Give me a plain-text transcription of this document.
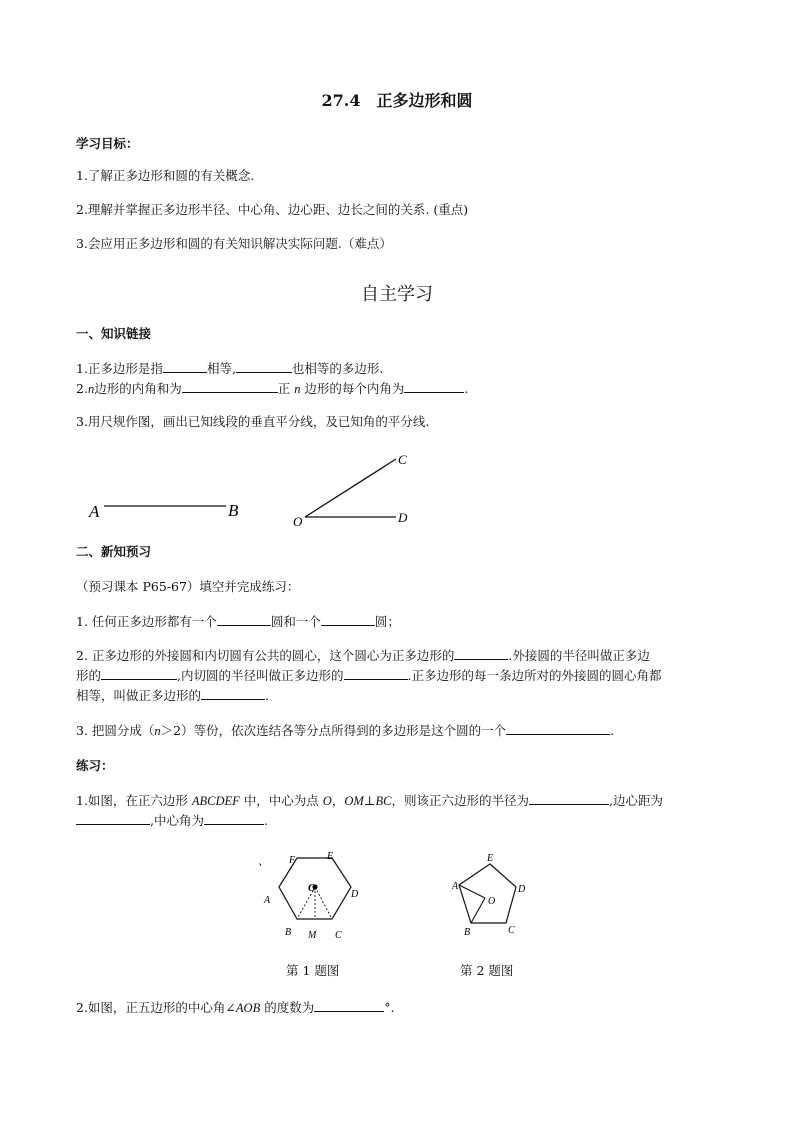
27.4　正多边形和圆
学习目标：
1.了解正多边形和圆的有关概念.
2.理解并掌握正多边形半径、中心角、边心距、边长之间的关系. (重点)
3.会应用正多边形和圆的有关知识解决实际问题.（难点）
自主学习
一、知识链接
1.正多边形是指	相等,	也相等的多边形.
2.n边形的内角和为	正 n 边形的每个内角为	.
3.用尺规作图，画出已知线段的垂直平分线，及已知角的平分线.
A	B
O
C
D
二、新知预习
（预习课本 P65-67）填空并完成练习：
1. 任何正多边形都有一个	圆和一个	圆；
2. 正多边形的外接圆和内切圆有公共的圆心，这个圆心为正多边形的	.外接圆的半径叫做正多边
形的	,内切圆的半径叫做正多边形的	.正多边形的每一条边所对的外接圆的圆心角都
相等，叫做正多边形的	.
3. 把圆分成（n＞2）等份，依次连结各等分点所得到的多边形是这个圆的一个	.
练习：
1.如图，在正六边形 ABCDEF 中，中心为点 O，OM⊥BC，则该正六边形的半径为	,边心距为
,中心角为	.
、
A
B	C
D
E
F
O
M
第 1 题图
A
B	C
D
E
O
第 2 题图
2.如图，正五边形的中心角∠AOB 的度数为	°.
